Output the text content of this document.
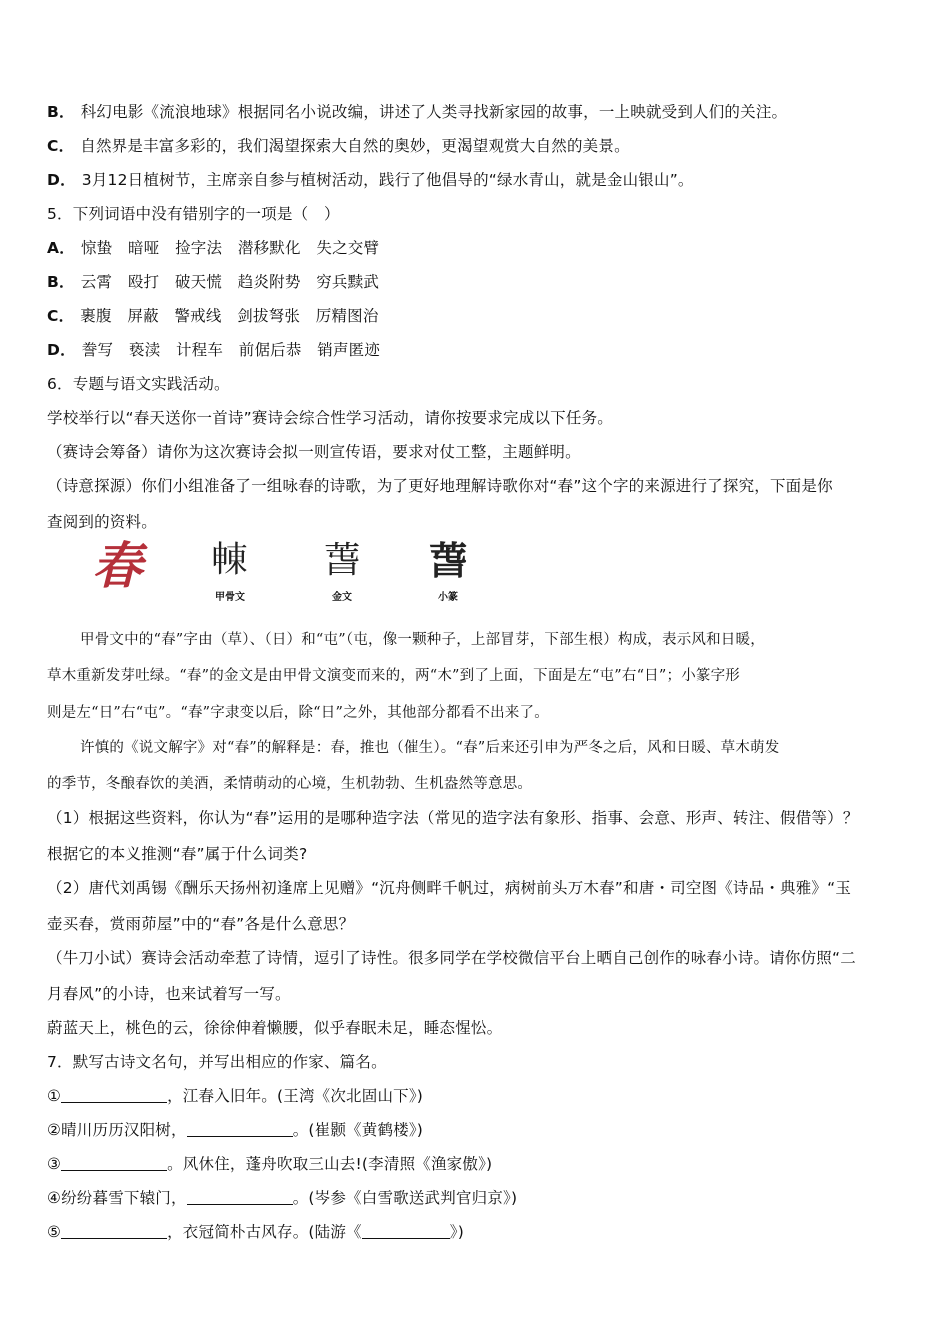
B． 科幻电影《流浪地球》根据同名小说改编，讲述了人类寻找新家园的故事，一上映就受到人们的关注。
C． 自然界是丰富多彩的，我们渴望探索大自然的奥妙，更渴望观赏大自然的美景。
D． 3月12日植树节，主席亲自参与植树活动，践行了他倡导的“绿水青山，就是金山银山”。
5．下列词语中没有错别字的一项是（　）
A． 惊蛰　暗哑　捡字法　潜移默化　失之交臂
B． 云霄　殴打　破天慌　趋炎附势　穷兵黩武
C． 裹腹　屏蔽　警戒线　剑拔弩张　厉精图治
D． 誊写　亵渎　计程车　前倨后恭　销声匿迹
6．专题与语文实践活动。
学校举行以“春天送你一首诗”赛诗会综合性学习活动，请你按要求完成以下任务。
（赛诗会筹备）请你为这次赛诗会拟一则宣传语，要求对仗工整，主题鲜明。
（诗意探源）你们小组准备了一组咏春的诗歌，为了更好地理解诗歌你对“春”这个字的来源进行了探究，下面是你
查阅到的资料。
春	𣌾
甲骨文
萅
金文
萅
小篆
甲骨文中的“春”字由（草）、（日）和“屯”（屯，像一颗种子，上部冒芽，下部生根）构成，表示风和日暖，
草木重新发芽吐绿。“春”的金文是由甲骨文演变而来的，两“木”到了上面，下面是左“屯”右“日”；小篆字形
则是左“日”右“屯”。“春”字隶变以后，除“日”之外，其他部分都看不出来了。
许慎的《说文解字》对“春”的解释是：春，推也（催生）。“春”后来还引申为严冬之后，风和日暖、草木萌发
的季节，冬酿春饮的美酒，柔情萌动的心境，生机勃勃、生机盎然等意思。
（1）根据这些资料，你认为“春”运用的是哪种造字法（常见的造字法有象形、指事、会意、形声、转注、假借等）？
根据它的本义推测“春”属于什么词类?
（2）唐代刘禹锡《酬乐天扬州初逢席上见赠》“沉舟侧畔千帆过，病树前头万木春”和唐・司空图《诗品・典雅》“玉
壶买春，赏雨茆屋”中的“春”各是什么意思？
（牛刀小试）赛诗会活动牵惹了诗情，逗引了诗性。很多同学在学校微信平台上晒自己创作的咏春小诗。请你仿照“二
月春风”的小诗，也来试着写一写。
蔚蓝天上，桃色的云，徐徐伸着懒腰，似乎春眠未足，睡态惺忪。
7．默写古诗文名句，并写出相应的作家、篇名。
①	，江春入旧年。(王湾《次北固山下》)
②晴川历历汉阳树，	。(崔颢《黄鹤楼》)
③	。风休住，蓬舟吹取三山去!(李清照《渔家傲》)
④纷纷暮雪下辕门，	。(岑参《白雪歌送武判官归京》)
⑤	，衣冠简朴古风存。(陆游《	》)
